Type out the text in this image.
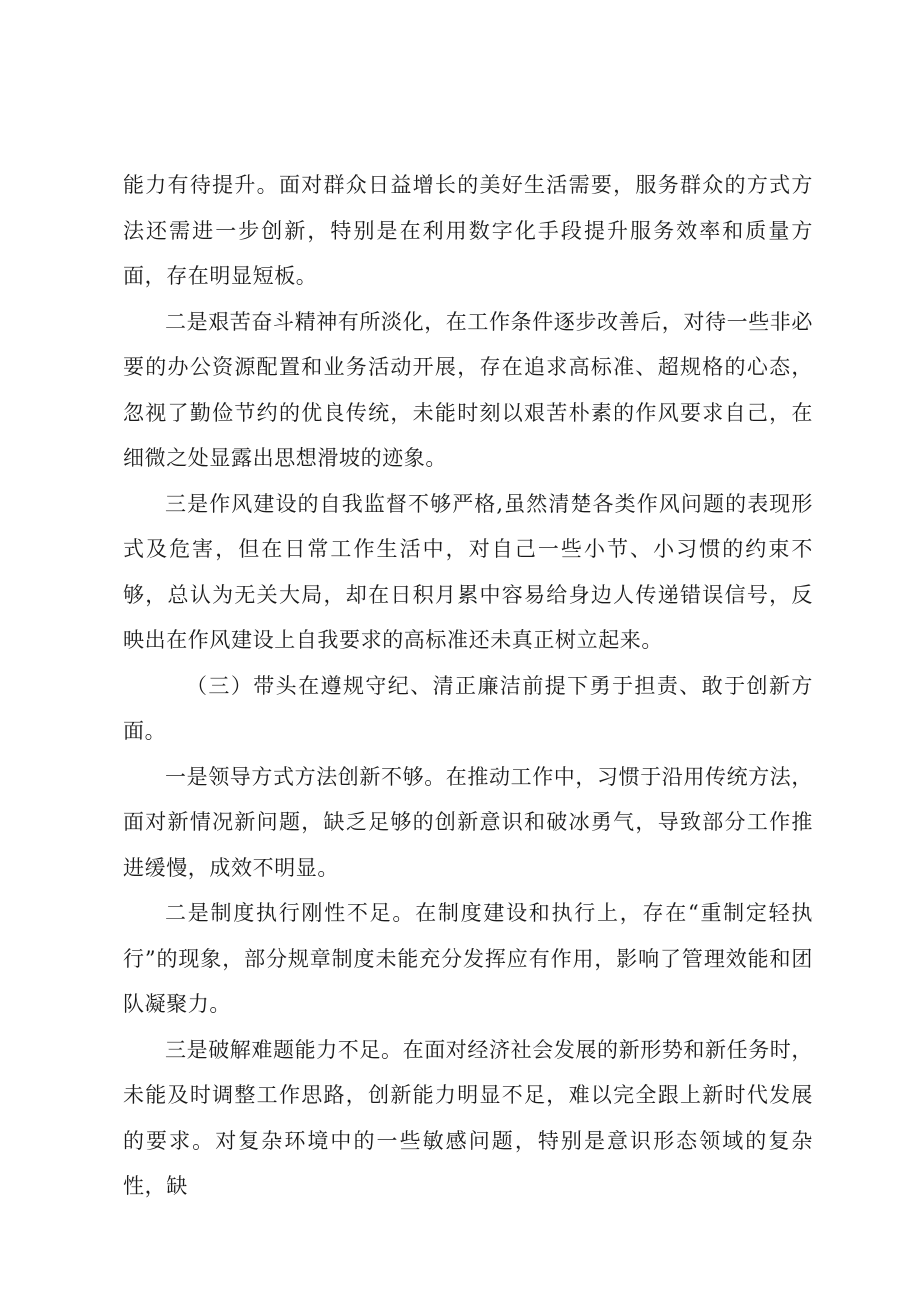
能力有待提升。面对群众日益增长的美好生活需要，服务群众的方式方法还需进一步创新，特别是在利用数字化手段提升服务效率和质量方面，存在明显短板。

二是艰苦奋斗精神有所淡化，在工作条件逐步改善后，对待一些非必要的办公资源配置和业务活动开展，存在追求高标准、超规格的心态，忽视了勤俭节约的优良传统，未能时刻以艰苦朴素的作风要求自己，在细微之处显露出思想滑坡的迹象。

三是作风建设的自我监督不够严格,虽然清楚各类作风问题的表现形式及危害，但在日常工作生活中，对自己一些小节、小习惯的约束不够，总认为无关大局，却在日积月累中容易给身边人传递错误信号，反映出在作风建设上自我要求的高标准还未真正树立起来。

（三）带头在遵规守纪、清正廉洁前提下勇于担责、敢于创新方面。

一是领导方式方法创新不够。在推动工作中，习惯于沿用传统方法，面对新情况新问题，缺乏足够的创新意识和破冰勇气，导致部分工作推进缓慢，成效不明显。

二是制度执行刚性不足。在制度建设和执行上，存在“重制定轻执行”的现象，部分规章制度未能充分发挥应有作用，影响了管理效能和团队凝聚力。

三是破解难题能力不足。在面对经济社会发展的新形势和新任务时，未能及时调整工作思路，创新能力明显不足，难以完全跟上新时代发展的要求。对复杂环境中的一些敏感问题，特别是意识形态领域的复杂性，缺
